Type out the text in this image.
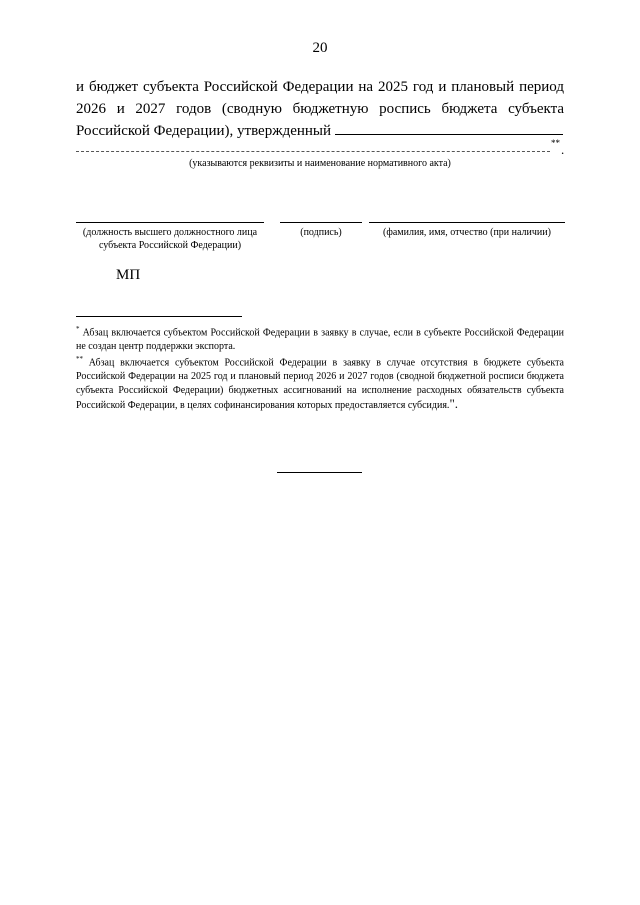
20
и бюджет субъекта Российской Федерации на 2025 год и плановый период
2026 и 2027 годов (сводную бюджетную роспись бюджета субъекта
Российской Федерации), утвержденный
** .
(указываются реквизиты и наименование нормативного акта)
(должность высшего должностного лица субъекта Российской Федерации)
(подпись)	(фамилия, имя, отчество (при наличии)
МП

* Абзац включается субъектом Российской Федерации в заявку в случае, если в субъекте Российской Федерации не создан центр поддержки экспорта.

** Абзац включается субъектом Российской Федерации в заявку в случае отсутствия в бюджете субъекта Российской Федерации на 2025 год и плановый период 2026 и 2027 годов (сводной бюджетной росписи бюджета субъекта Российской Федерации) бюджетных ассигнований на исполнение расходных обязательств субъекта Российской Федерации, в целях софинансирования которых предоставляется субсидия.".
